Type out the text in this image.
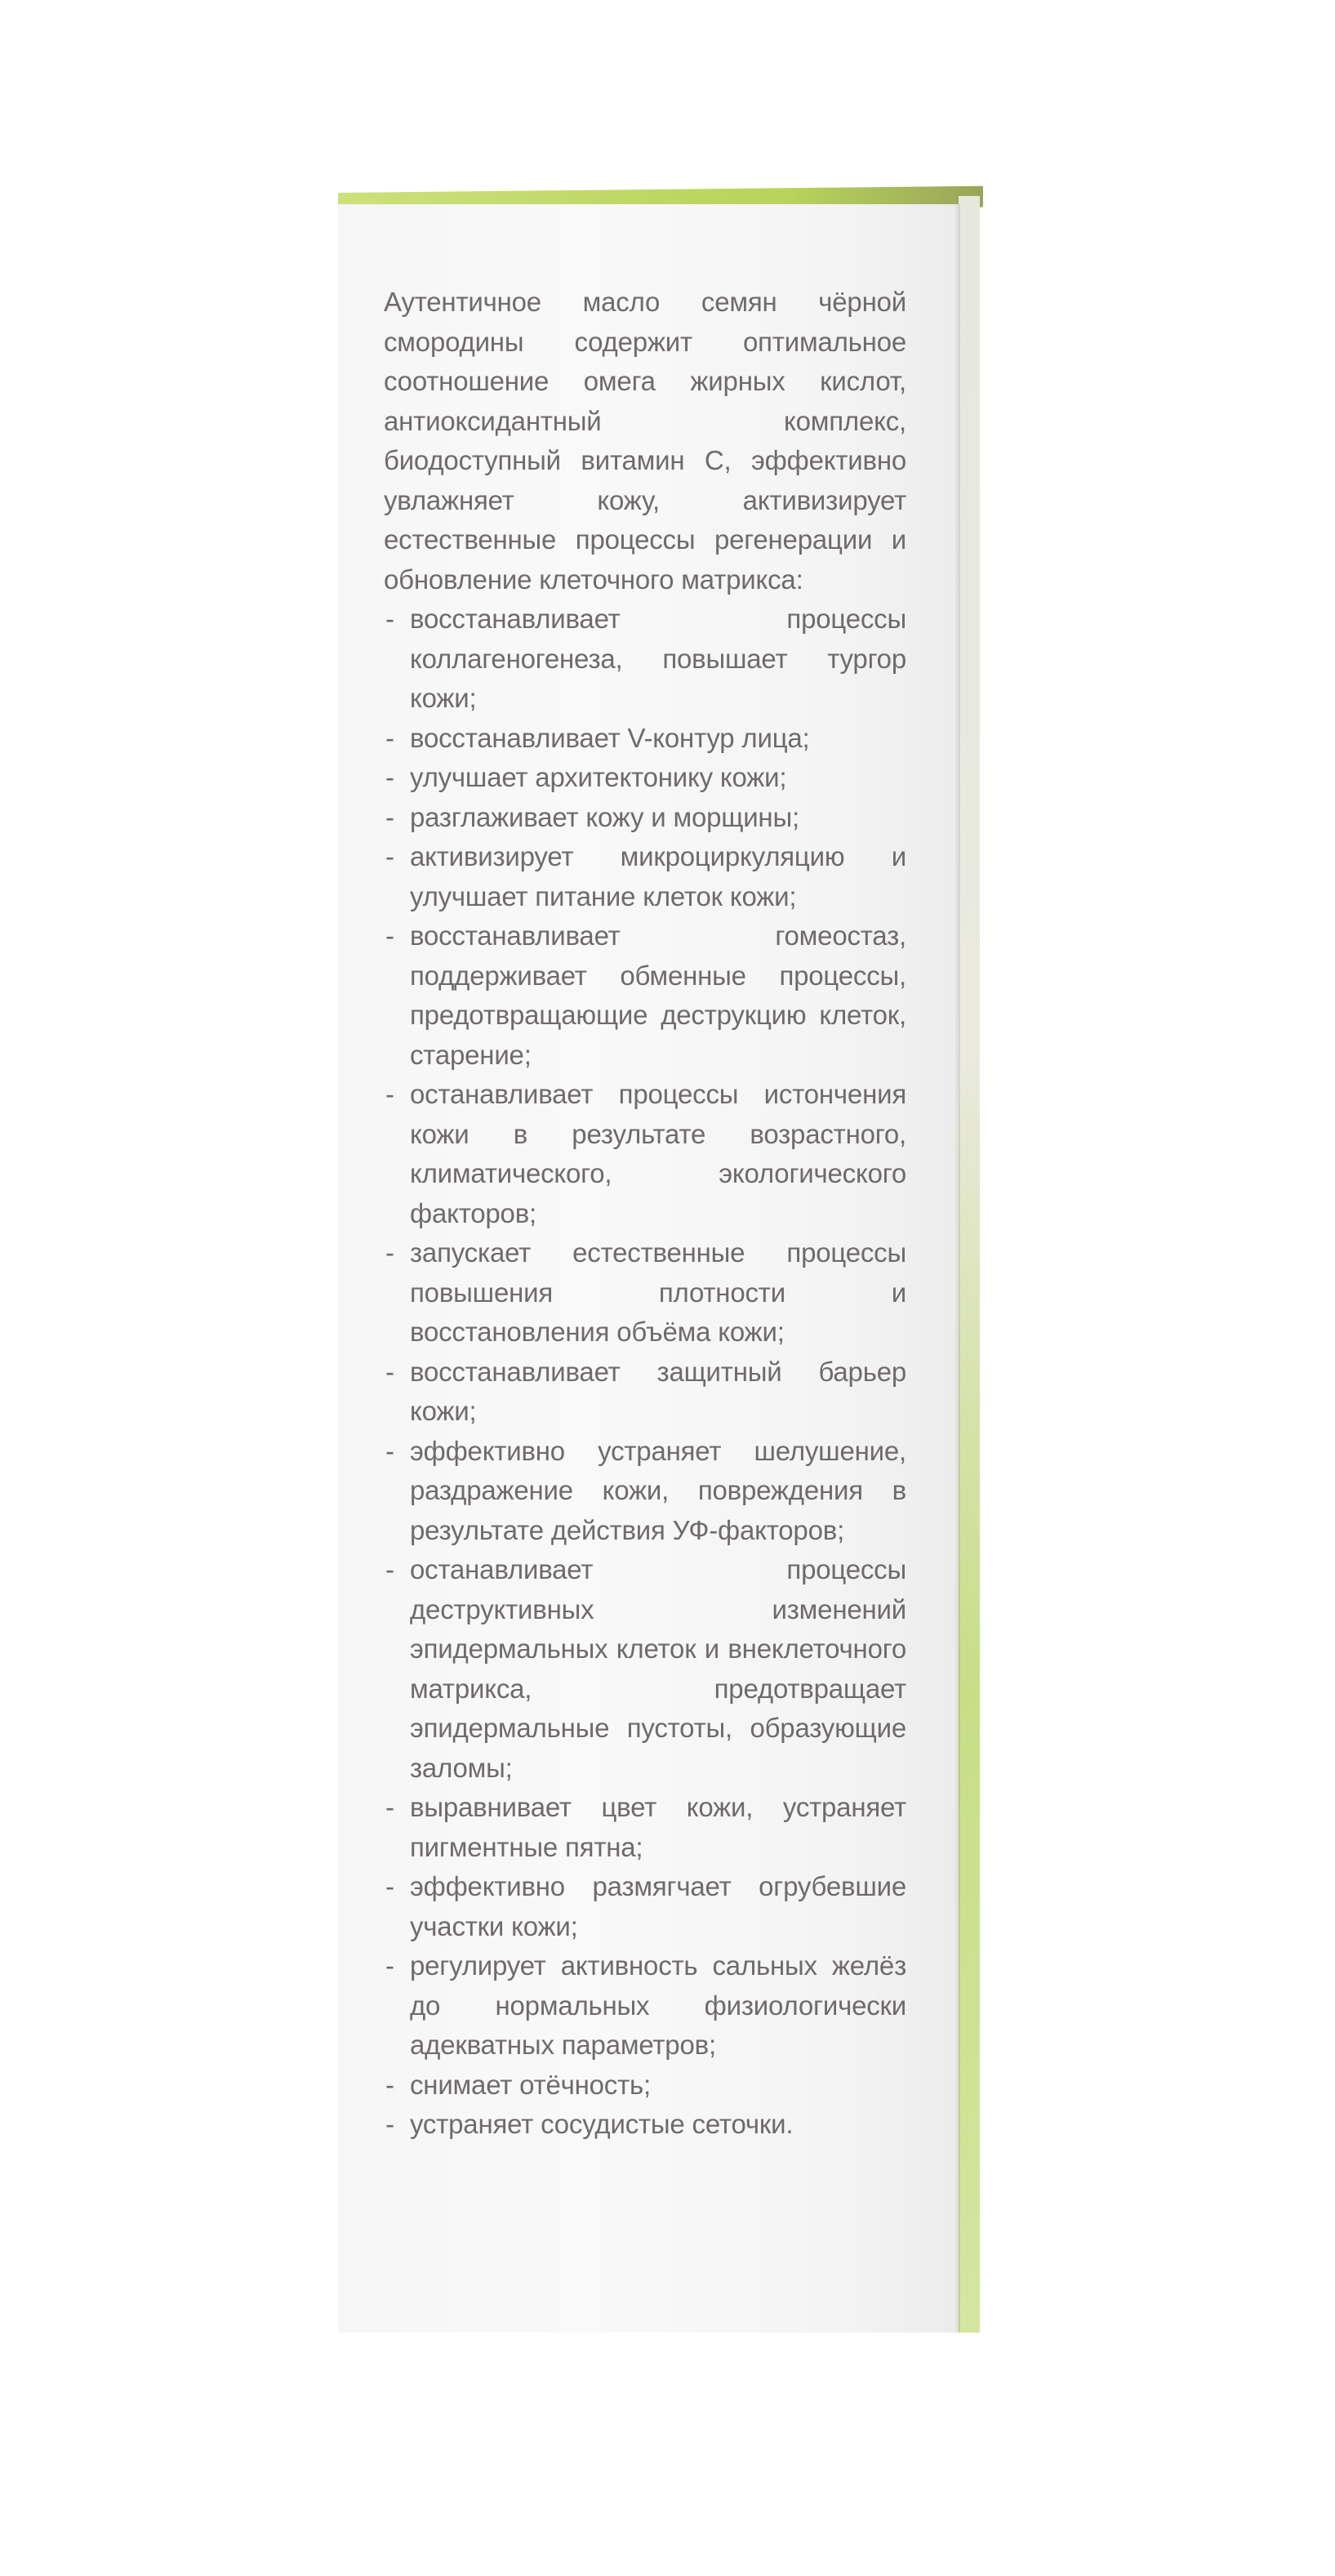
Аутентичное масло семян чёрной смородины содержит оптимальное соотношение омега жирных кислот, антиоксидантный комплекс, биодоступный витамин С, эффективно увлажняет кожу, активизирует естественные процессы регенерации и обновление клеточного матрикса:

- восстанавливает процессы коллагеногенеза, повышает тургор кожи;
- восстанавливает V-контур лица;
- улучшает архитектонику кожи;
- разглаживает кожу и морщины;
- активизирует микроциркуляцию и улучшает питание клеток кожи;
- восстанавливает гомеостаз, поддерживает обменные процессы, предотвращающие деструкцию клеток, старение;
- останавливает процессы истончения кожи в результате возрастного, климатического, экологического факторов;
- запускает естественные процессы повышения плотности и восстановления объёма кожи;
- восстанавливает защитный барьер кожи;
- эффективно устраняет шелушение, раздражение кожи, повреждения в результате действия УФ-факторов;
- останавливает процессы деструктивных изменений эпидермальных клеток и внеклеточного матрикса, предотвращает эпидермальные пустоты, образующие заломы;
- выравнивает цвет кожи, устраняет пигментные пятна;
- эффективно размягчает огрубевшие участки кожи;
- регулирует активность сальных желёз до нормальных физиологически адекватных параметров;
- снимает отёчность;
- устраняет сосудистые сеточки.
